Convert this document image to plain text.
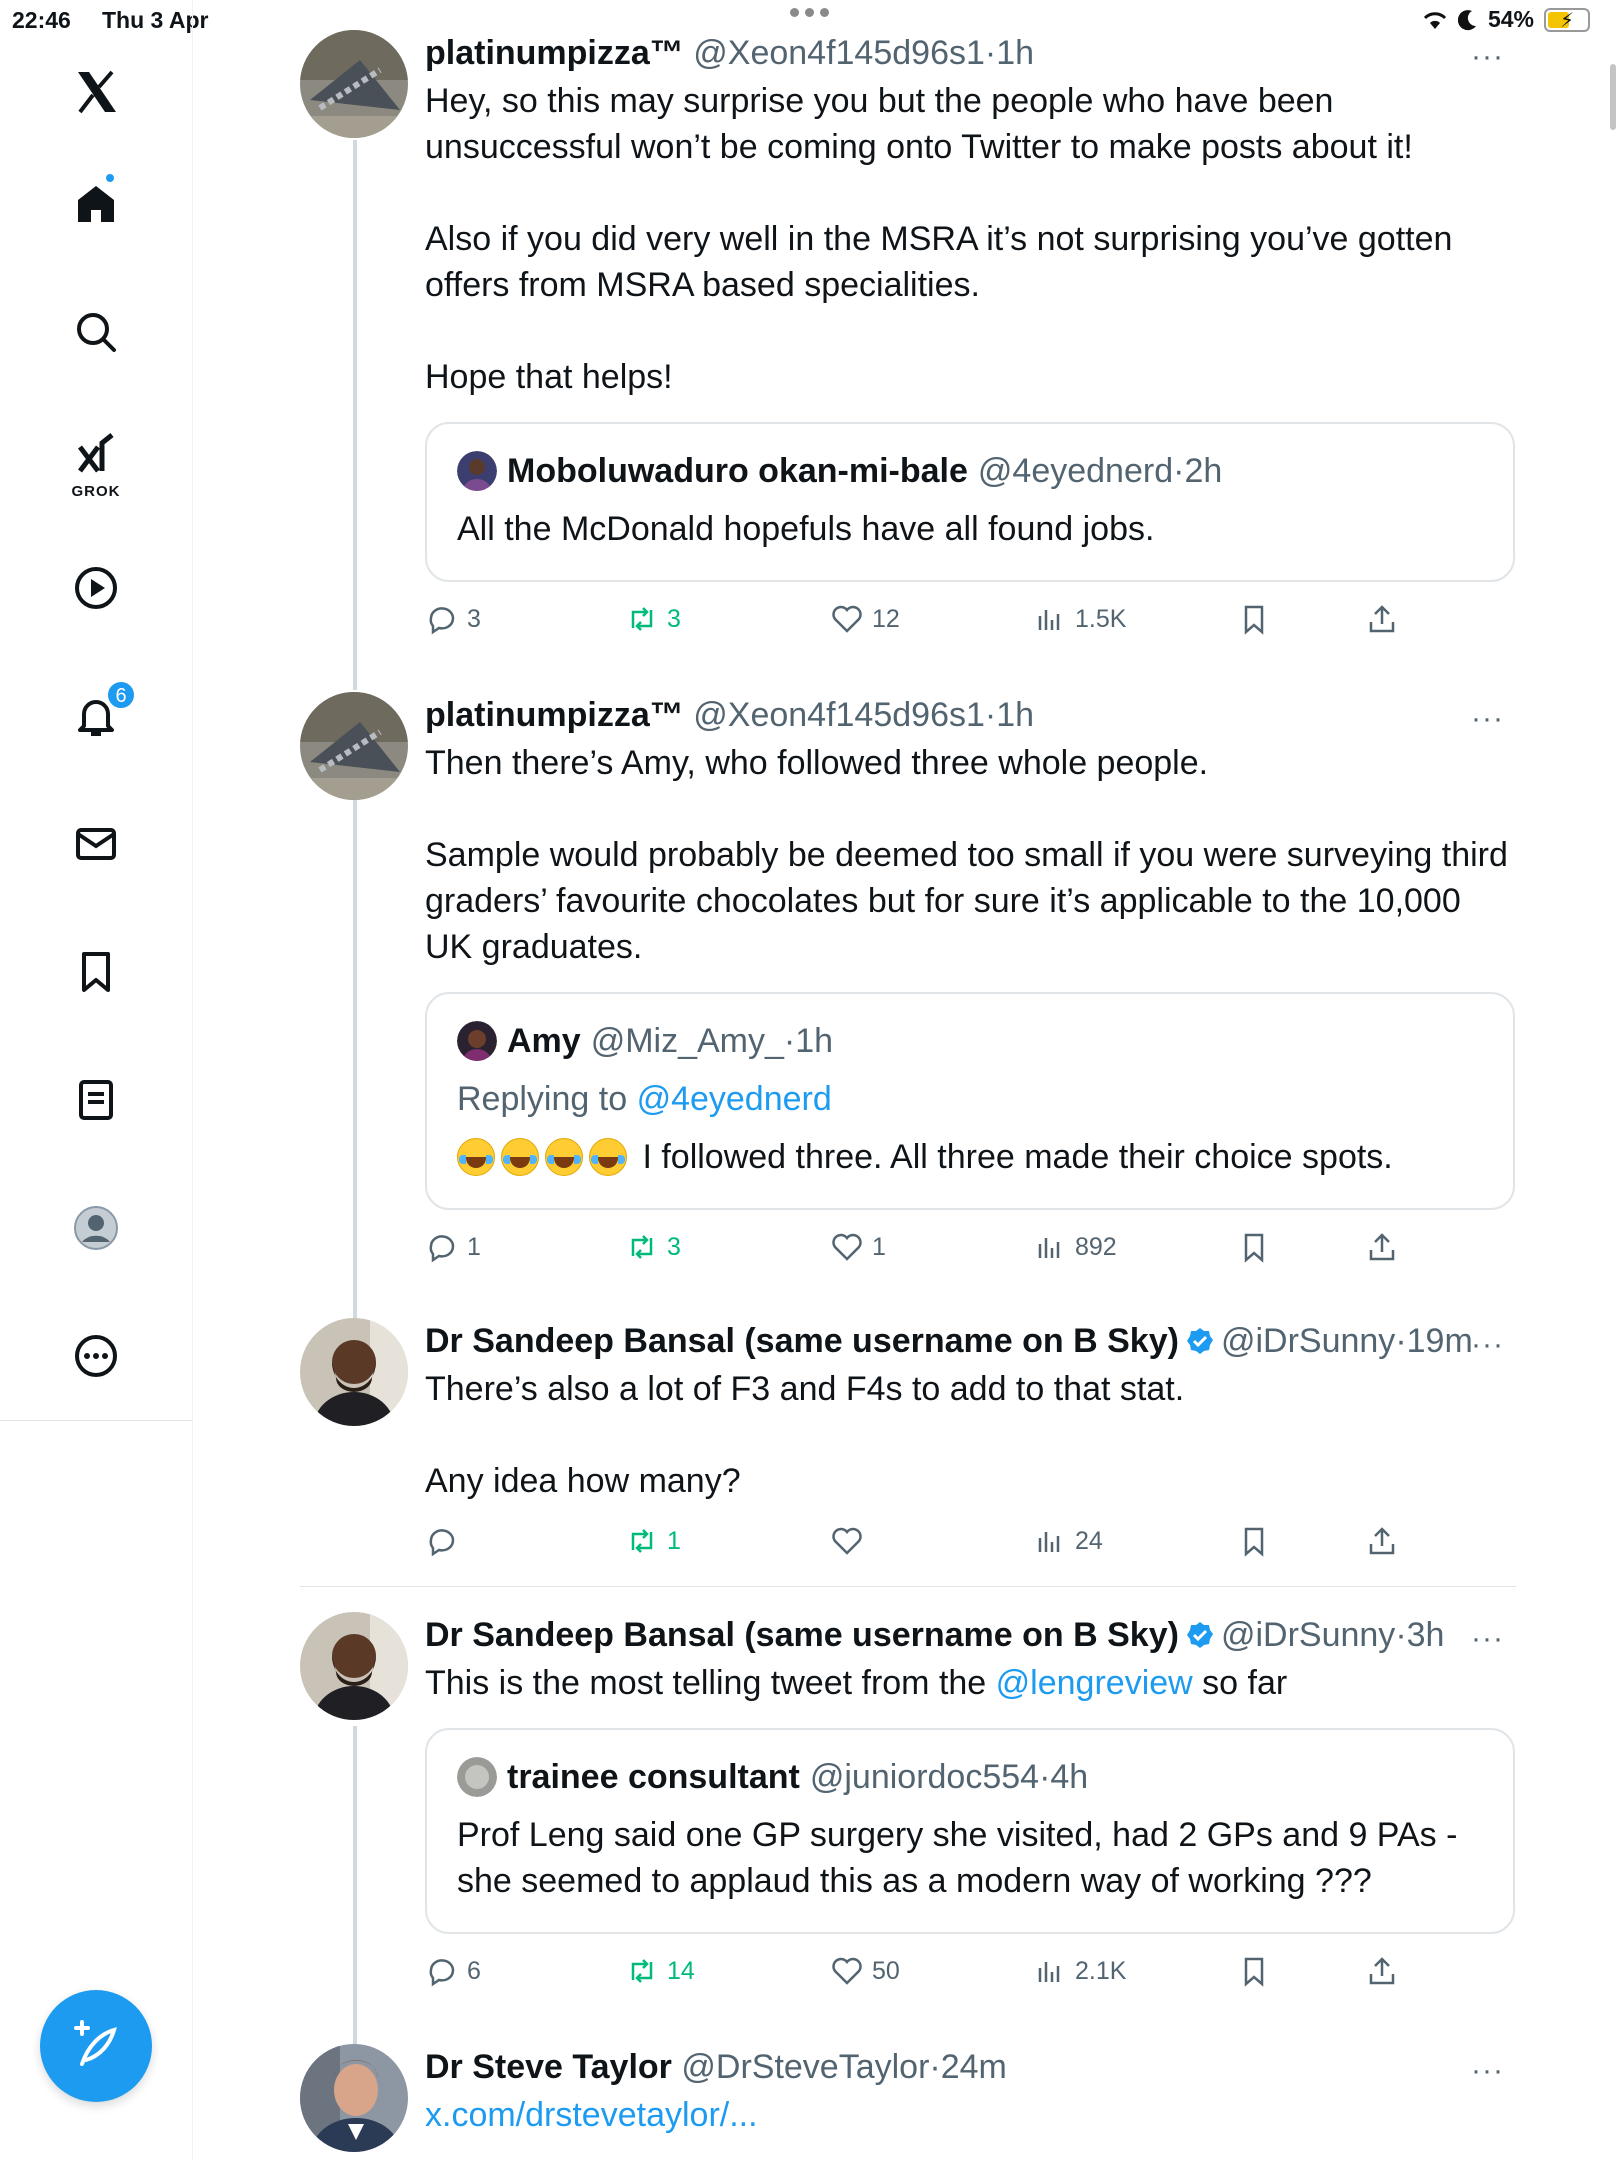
22:46 Thu 3 Apr	54%	⚡
GROK
6
platinumpizza™ @Xeon4f145d96s1·1h

Hey, so this may surprise you but the people who have been unsuccessful won’t be coming onto Twitter to make posts about it!

Also if you did very well in the MSRA it’s not surprising you’ve gotten offers from MSRA based specialities.

Hope that helps!

Moboluwaduro okan-mi-bale @4eyednerd · 2h
All the McDonald hopefuls have all found jobs.
3	3	12	1.5K
···
platinumpizza™ @Xeon4f145d96s1·1h

Then there’s Amy, who followed three whole people.

Sample would probably be deemed too small if you were surveying third graders’ favourite chocolates but for sure it’s applicable to the 10,000 UK graduates.

Amy @Miz_Amy_ · 1h
Replying to @4eyednerd
I followed three. All three made their choice spots.
1	3	1	892
···
Dr Sandeep Bansal (same username on B Sky) @iDrSunny·19m

There’s also a lot of F3 and F4s to add to that stat.

Any idea how many?

1	24
···
Dr Sandeep Bansal (same username on B Sky) @iDrSunny·3h

This is the most telling tweet from the @lengreview so far

trainee consultant @juniordoc554 · 4h
Prof Leng said one GP surgery she visited, had 2 GPs and 9 PAs - she seemed to applaud this as a modern way of working ???
6	14	50	2.1K
···
Dr Steve Taylor @DrSteveTaylor·24m

x.com/drstevetaylor/...

···
